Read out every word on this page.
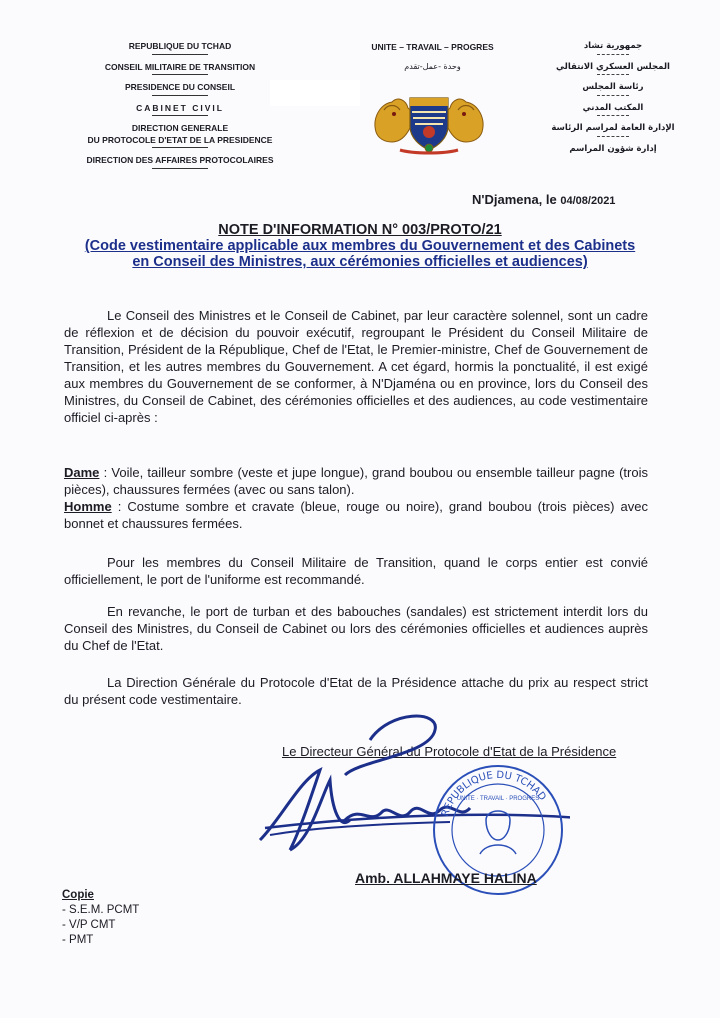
REPUBLIQUE DU TCHAD
CONSEIL MILITAIRE DE TRANSITION
PRESIDENCE DU CONSEIL
CABINET CIVIL
DIRECTION GENERALE
DU PROTOCOLE D'ETAT DE LA PRESIDENCE
DIRECTION DES AFFAIRES PROTOCOLAIRES
UNITE – TRAVAIL – PROGRES
وحدة -عمل-تقدم
جمهورية تشاد
المجلس العسكري الانتقالي
رئاسة المجلس
المكتب المدني
الإدارة العامة لمراسم الرئاسة
إدارة شؤون المراسم
N'Djamena, le 04/08/2021
NOTE D'INFORMATION N° 003/PROTO/21
(Code vestimentaire applicable aux membres du Gouvernement et des Cabinets
en Conseil des Ministres, aux cérémonies officielles et audiences)
Le Conseil des Ministres et le Conseil de Cabinet, par leur caractère solennel, sont un cadre de réflexion et de décision du pouvoir exécutif, regroupant le Président du Conseil Militaire de Transition, Président de la République, Chef de l'Etat, le Premier-ministre, Chef de Gouvernement de Transition, et les autres membres du Gouvernement. A cet égard, hormis la ponctualité, il est exigé aux membres du Gouvernement de se conformer, à N'Djaména ou en province, lors du Conseil des Ministres, du Conseil de Cabinet, des cérémonies officielles et des audiences, au code vestimentaire officiel ci-après :
Dame : Voile, tailleur sombre (veste et jupe longue), grand boubou ou ensemble tailleur pagne (trois pièces), chaussures fermées (avec ou sans talon).
Homme : Costume sombre et cravate (bleue, rouge ou noire), grand boubou (trois pièces) avec bonnet et chaussures fermées.
Pour les membres du Conseil Militaire de Transition, quand le corps entier est convié officiellement, le port de l'uniforme est recommandé.
En revanche, le port de turban et des babouches (sandales) est strictement interdit lors du Conseil des Ministres, du Conseil de Cabinet ou lors des cérémonies officielles et audiences auprès du Chef de l'Etat.
La Direction Générale du Protocole d'Etat de la Présidence attache du prix au respect strict du présent code vestimentaire.
Le Directeur Général du Protocole d'Etat de la Présidence
REPUBLIQUE DU TCHAD
UNITE · TRAVAIL · PROGRES
Amb. ALLAHMAYE HALINA
Copie
- S.E.M. PCMT
- V/P CMT
- PMT
